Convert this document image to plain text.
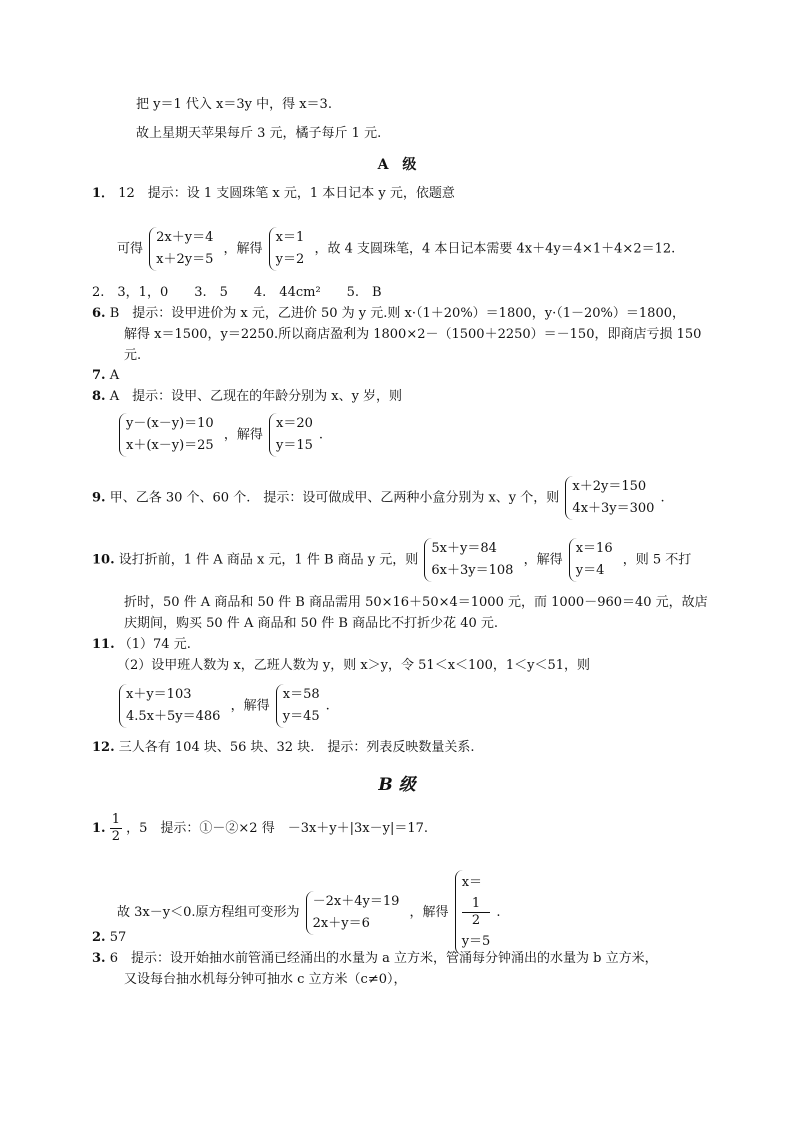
把 y＝1 代入 x＝3y 中，得 x＝3.
故上星期天苹果每斤 3 元，橘子每斤 1 元.
A　级
1． 12　提示：设 1 支圆珠笔 x 元，1 本日记本 y 元，依题意
可得
2x＋y＝4
x＋2y＝5
，解得
x＝1
y＝2
，故 4 支圆珠笔，4 本日记本需要 4x＋4y＝4×1＋4×2＝12.
2.　3，1，0　　3.　5　　4.　44cm²　　5.　B
6. B　提示：设甲进价为 x 元，乙进价 50 为 y 元.则 x·（1＋20%）＝1800，y·（1－20%）＝1800，
解得 x＝1500，y＝2250.所以商店盈利为 1800×2－（1500＋2250）＝－150，即商店亏损 150
元.
7. A
8. A　提示：设甲、乙现在的年龄分别为 x、y 岁，则
y－(x－y)＝10
x＋(x－y)＝25
，解得
x＝20
y＝15
.
9. 甲、乙各 30 个、60 个.　提示：设可做成甲、乙两种小盒分别为 x、y 个，则
x＋2y＝150
4x＋3y＝300
.
10. 设打折前，1 件 A 商品 x 元，1 件 B 商品 y 元，则
5x＋y＝84
6x＋3y＝108
，解得
x＝16
y＝4
，则 5 不打
折时，50 件 A 商品和 50 件 B 商品需用 50×16＋50×4＝1000 元，而 1000－960＝40 元，故店
庆期间，购买 50 件 A 商品和 50 件 B 商品比不打折少花 40 元.
11. （1）74 元.
（2）设甲班人数为 x，乙班人数为 y，则 x＞y，令 51＜x＜100，1＜y＜51，则
x＋y＝103
4.5x＋5y＝486
，解得
x＝58
y＝45
.
12. 三人各有 104 块、56 块、32 块.　提示：列表反映数量关系.
B 级
1. $\frac{1}{2}$ ，5　提示：①－②×2 得　－3x＋y＋|3x－y|＝17.
故 3x－y＜0.原方程组可变形为
－2x＋4y＝19
2x＋y＝6
，解得
x＝
1
2
y＝5
.
2. 57
3. 6　提示：设开始抽水前管涌已经涌出的水量为 a 立方米，管涌每分钟涌出的水量为 b 立方米，
又设每台抽水机每分钟可抽水 c 立方米（c≠0），
